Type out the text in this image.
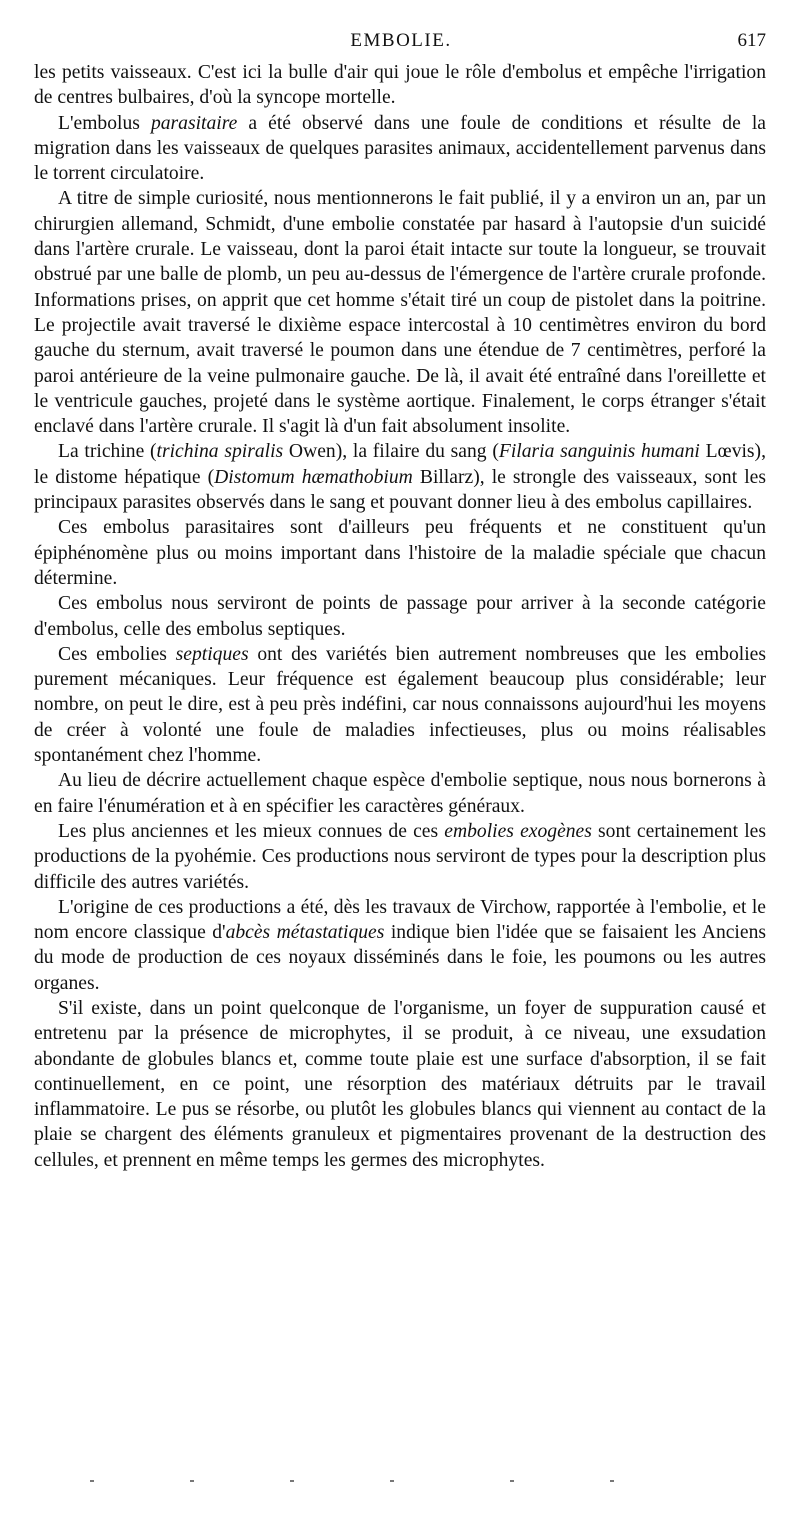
EMBOLIE.	617

les petits vaisseaux. C'est ici la bulle d'air qui joue le rôle d'embolus et empêche l'irrigation de centres bulbaires, d'où la syncope mortelle.

L'embolus parasitaire a été observé dans une foule de conditions et résulte de la migration dans les vaisseaux de quelques parasites animaux, accidentellement parvenus dans le torrent circulatoire.

A titre de simple curiosité, nous mentionnerons le fait publié, il y a environ un an, par un chirurgien allemand, Schmidt, d'une embolie constatée par hasard à l'autopsie d'un suicidé dans l'artère crurale. Le vaisseau, dont la paroi était intacte sur toute la longueur, se trouvait obstrué par une balle de plomb, un peu au-dessus de l'émergence de l'artère crurale profonde. Informations prises, on apprit que cet homme s'était tiré un coup de pistolet dans la poitrine. Le projectile avait traversé le dixième espace intercostal à 10 centimètres environ du bord gauche du sternum, avait traversé le poumon dans une étendue de 7 centimètres, perforé la paroi antérieure de la veine pulmonaire gauche. De là, il avait été entraîné dans l'oreillette et le ventricule gauches, projeté dans le système aortique. Finalement, le corps étranger s'était enclavé dans l'artère crurale. Il s'agit là d'un fait absolument insolite.

La trichine (trichina spiralis Owen), la filaire du sang (Filaria sanguinis humani Lœvis), le distome hépatique (Distomum hæmathobium Billarz), le strongle des vaisseaux, sont les principaux parasites observés dans le sang et pouvant donner lieu à des embolus capillaires.

Ces embolus parasitaires sont d'ailleurs peu fréquents et ne constituent qu'un épiphénomène plus ou moins important dans l'histoire de la maladie spéciale que chacun détermine.

Ces embolus nous serviront de points de passage pour arriver à la seconde catégorie d'embolus, celle des embolus septiques.

Ces embolies septiques ont des variétés bien autrement nombreuses que les embolies purement mécaniques. Leur fréquence est également beaucoup plus considérable; leur nombre, on peut le dire, est à peu près indéfini, car nous connaissons aujourd'hui les moyens de créer à volonté une foule de maladies infectieuses, plus ou moins réalisables spontanément chez l'homme.

Au lieu de décrire actuellement chaque espèce d'embolie septique, nous nous bornerons à en faire l'énumération et à en spécifier les caractères généraux.

Les plus anciennes et les mieux connues de ces embolies exogènes sont certainement les productions de la pyohémie. Ces productions nous serviront de types pour la description plus difficile des autres variétés.

L'origine de ces productions a été, dès les travaux de Virchow, rapportée à l'embolie, et le nom encore classique d'abcès métastatiques indique bien l'idée que se faisaient les Anciens du mode de production de ces noyaux disséminés dans le foie, les poumons ou les autres organes.

S'il existe, dans un point quelconque de l'organisme, un foyer de suppuration causé et entretenu par la présence de microphytes, il se produit, à ce niveau, une exsudation abondante de globules blancs et, comme toute plaie est une surface d'absorption, il se fait continuellement, en ce point, une résorption des matériaux détruits par le travail inflammatoire. Le pus se résorbe, ou plutôt les globules blancs qui viennent au contact de la plaie se chargent des éléments granuleux et pigmentaires provenant de la destruction des cellules, et prennent en même temps les germes des microphytes.
